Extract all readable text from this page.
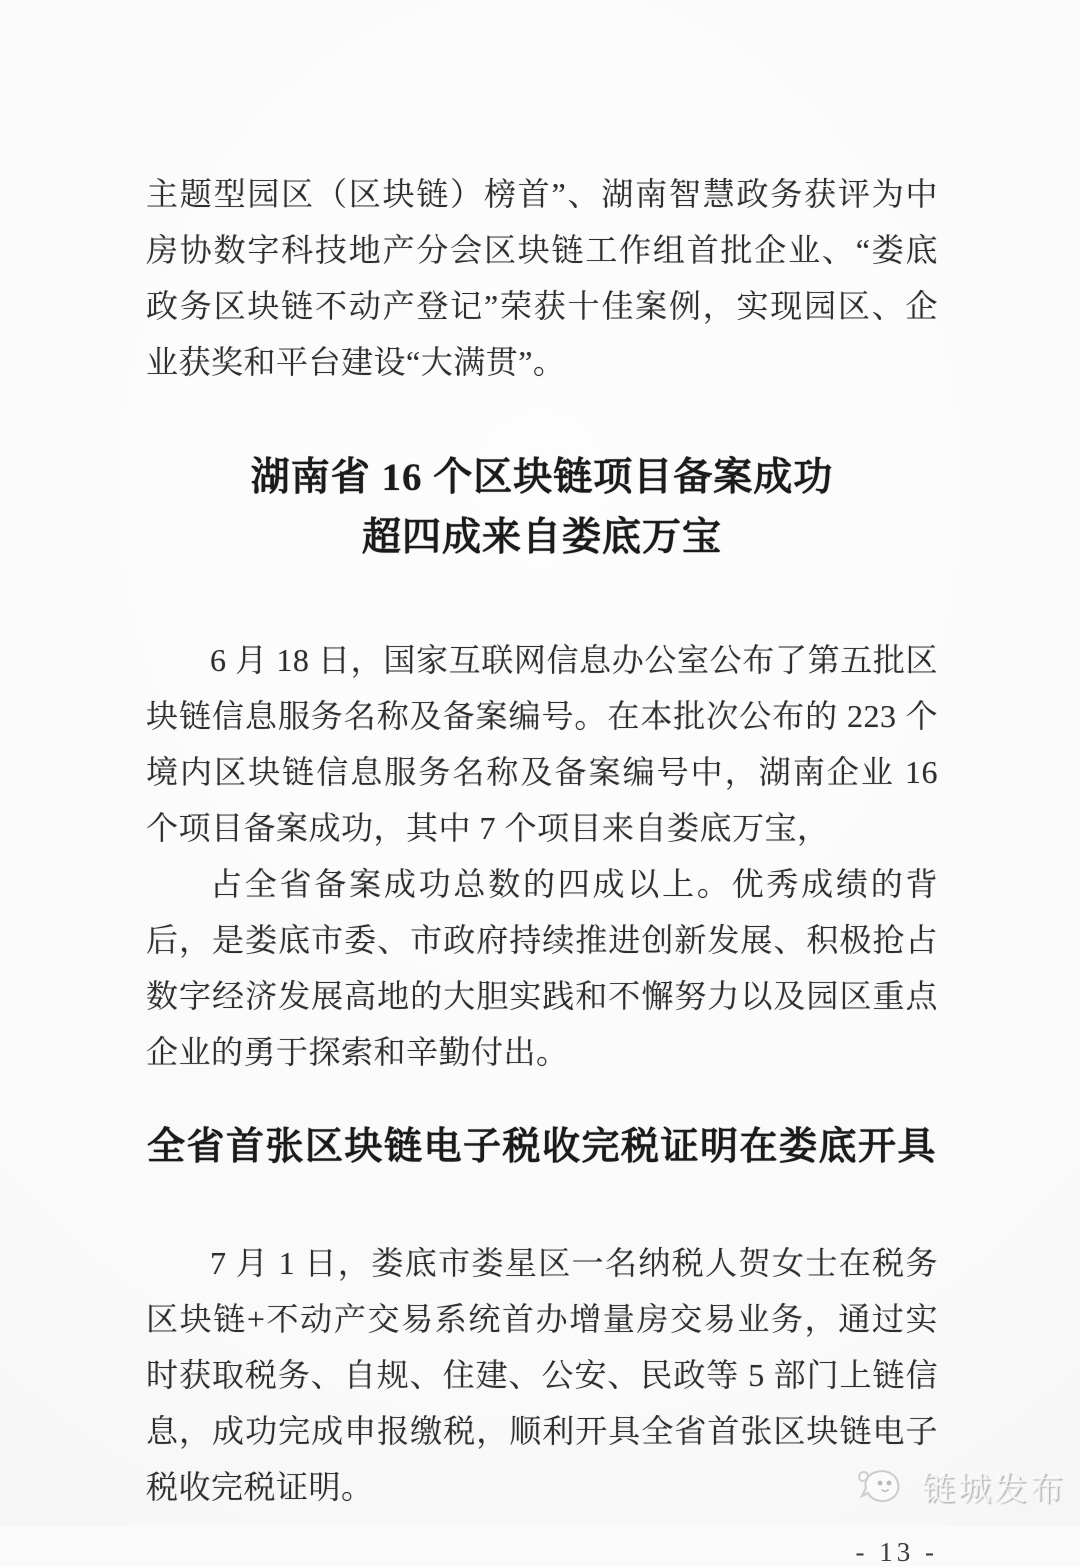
主题型园区（区块链）榜首”、湖南智慧政务获评为中房协数字科技地产分会区块链工作组首批企业、“娄底政务区块链不动产登记”荣获十佳案例，实现园区、企业获奖和平台建设“大满贯”。

湖南省 16 个区块链项目备案成功
超四成来自娄底万宝

6 月 18 日，国家互联网信息办公室公布了第五批区块链信息服务名称及备案编号。在本批次公布的 223 个境内区块链信息服务名称及备案编号中，湖南企业 16 个项目备案成功，其中 7 个项目来自娄底万宝，

占全省备案成功总数的四成以上。优秀成绩的背后，是娄底市委、市政府持续推进创新发展、积极抢占数字经济发展高地的大胆实践和不懈努力以及园区重点企业的勇于探索和辛勤付出。

全省首张区块链电子税收完税证明在娄底开具

7 月 1 日，娄底市娄星区一名纳税人贺女士在税务区块链+不动产交易系统首办增量房交易业务，通过实时获取税务、自规、住建、公安、民政等 5 部门上链信息，成功完成申报缴税，顺利开具全省首张区块链电子税收完税证明。

- 13 -
链城发布
